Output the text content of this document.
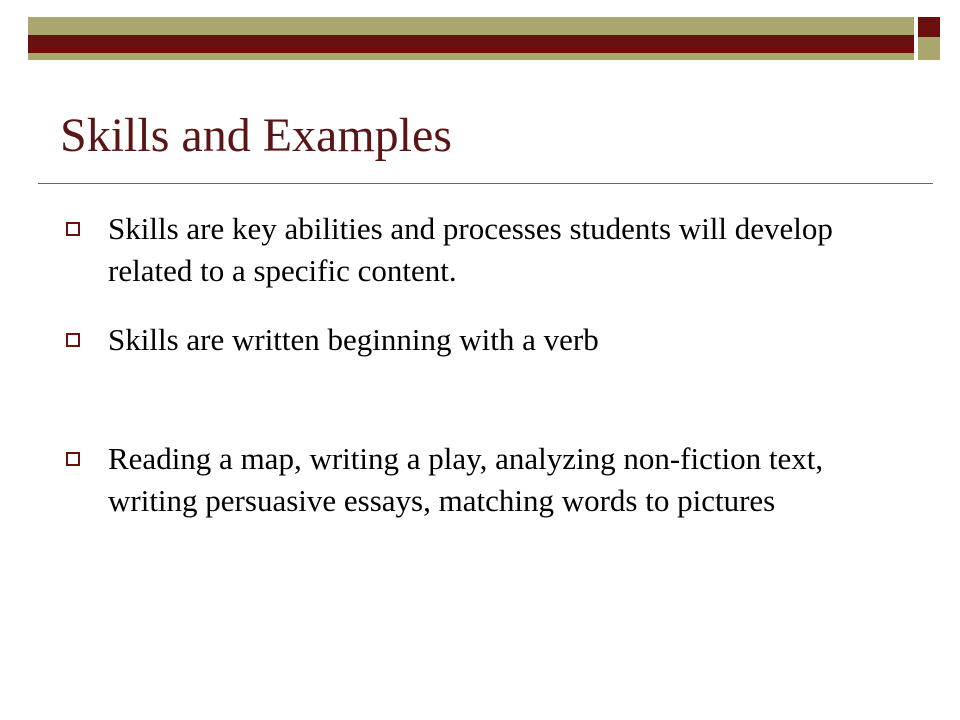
Skills and Examples
Skills are key abilities and processes students will develop related to a specific content.
Skills are written beginning with a verb
Reading a map, writing a play, analyzing non-fiction text, writing persuasive essays, matching words to pictures
